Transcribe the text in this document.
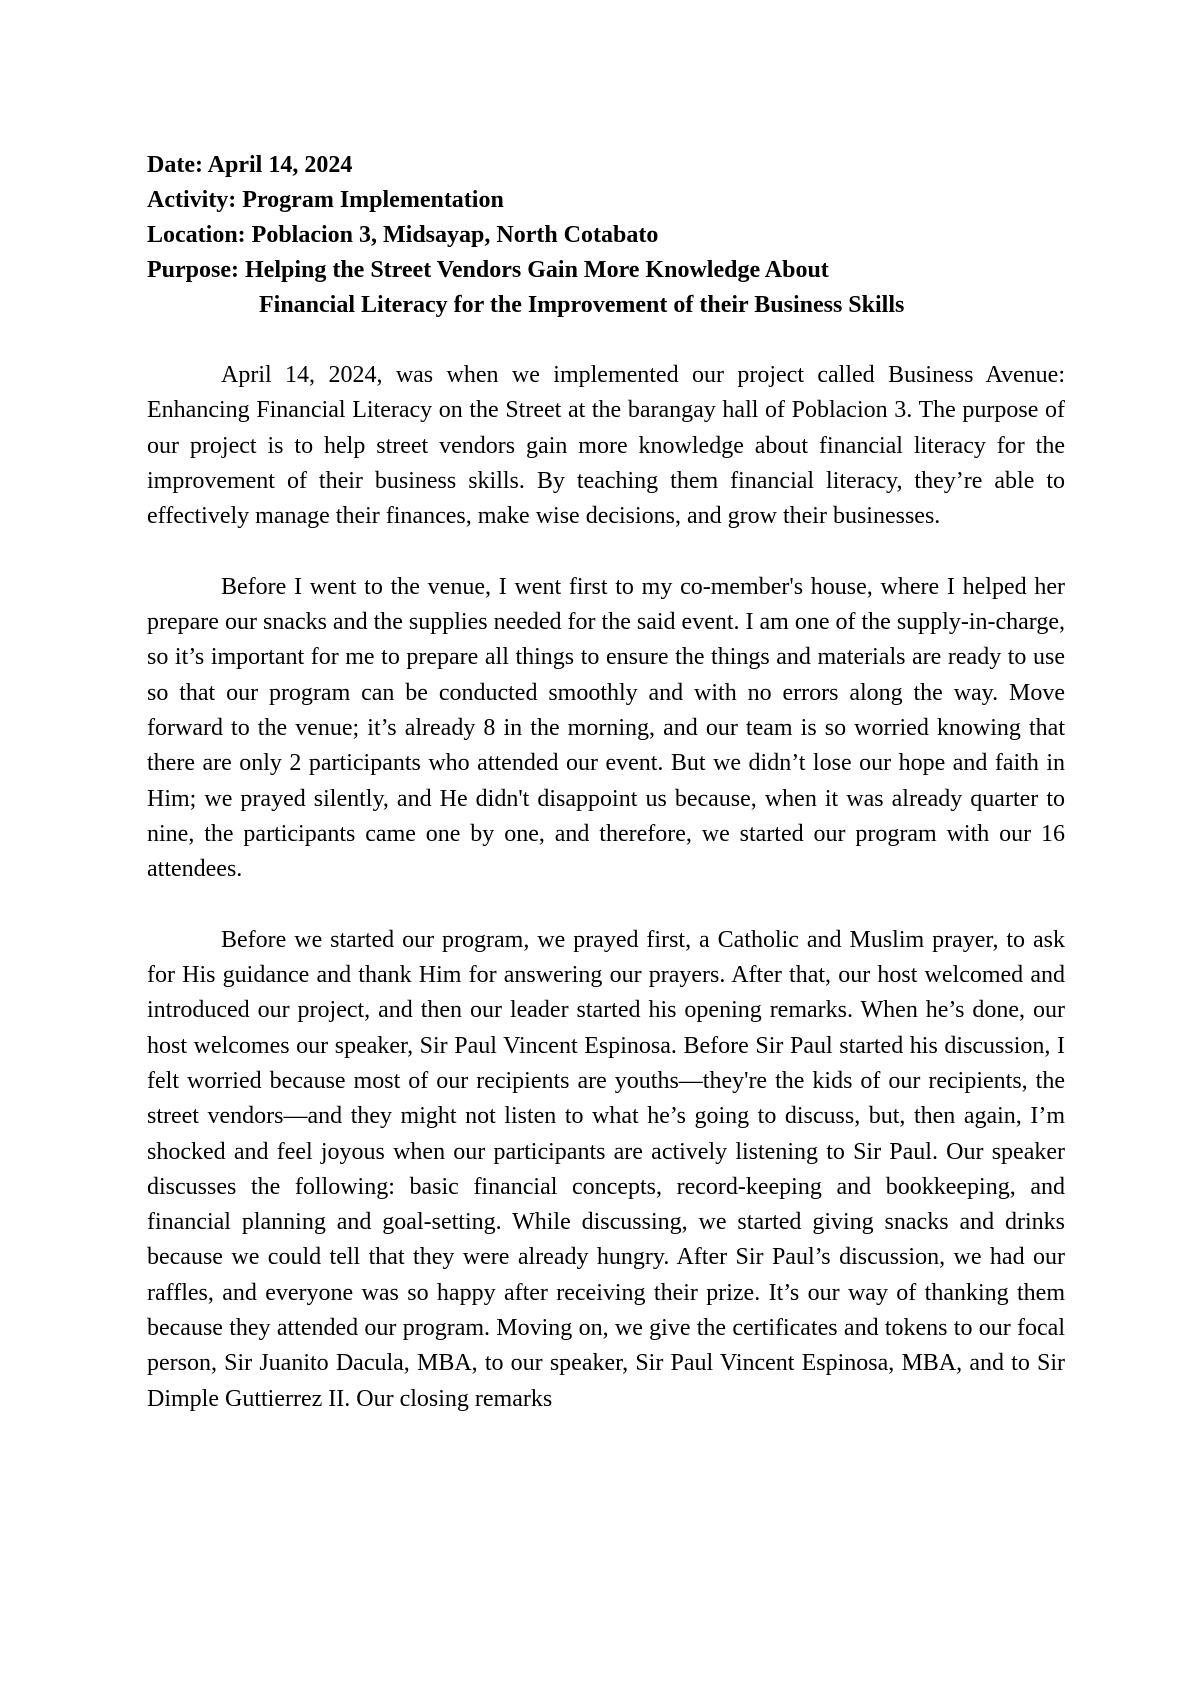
Date: April 14, 2024
Activity: Program Implementation
Location: Poblacion 3, Midsayap, North Cotabato
Purpose: Helping the Street Vendors Gain More Knowledge About
Financial Literacy for the Improvement of their Business Skills

April 14, 2024, was when we implemented our project called Business Avenue: Enhancing Financial Literacy on the Street at the barangay hall of Poblacion 3. The purpose of our project is to help street vendors gain more knowledge about financial literacy for the improvement of their business skills. By teaching them financial literacy, they’re able to effectively manage their finances, make wise decisions, and grow their businesses.

Before I went to the venue, I went first to my co-member's house, where I helped her prepare our snacks and the supplies needed for the said event. I am one of the supply-in-charge, so it’s important for me to prepare all things to ensure the things and materials are ready to use so that our program can be conducted smoothly and with no errors along the way. Move forward to the venue; it’s already 8 in the morning, and our team is so worried knowing that there are only 2 participants who attended our event. But we didn’t lose our hope and faith in Him; we prayed silently, and He didn't disappoint us because, when it was already quarter to nine, the participants came one by one, and therefore, we started our program with our 16 attendees.

Before we started our program, we prayed first, a Catholic and Muslim prayer, to ask for His guidance and thank Him for answering our prayers. After that, our host welcomed and introduced our project, and then our leader started his opening remarks. When he’s done, our host welcomes our speaker, Sir Paul Vincent Espinosa. Before Sir Paul started his discussion, I felt worried because most of our recipients are youths—they're the kids of our recipients, the street vendors—and they might not listen to what he’s going to discuss, but, then again, I’m shocked and feel joyous when our participants are actively listening to Sir Paul. Our speaker discusses the following: basic financial concepts, record-keeping and bookkeeping, and financial planning and goal-setting. While discussing, we started giving snacks and drinks because we could tell that they were already hungry. After Sir Paul’s discussion, we had our raffles, and everyone was so happy after receiving their prize. It’s our way of thanking them because they attended our program. Moving on, we give the certificates and tokens to our focal person, Sir Juanito Dacula, MBA, to our speaker, Sir Paul Vincent Espinosa, MBA, and to Sir Dimple Guttierrez II. Our closing remarks
